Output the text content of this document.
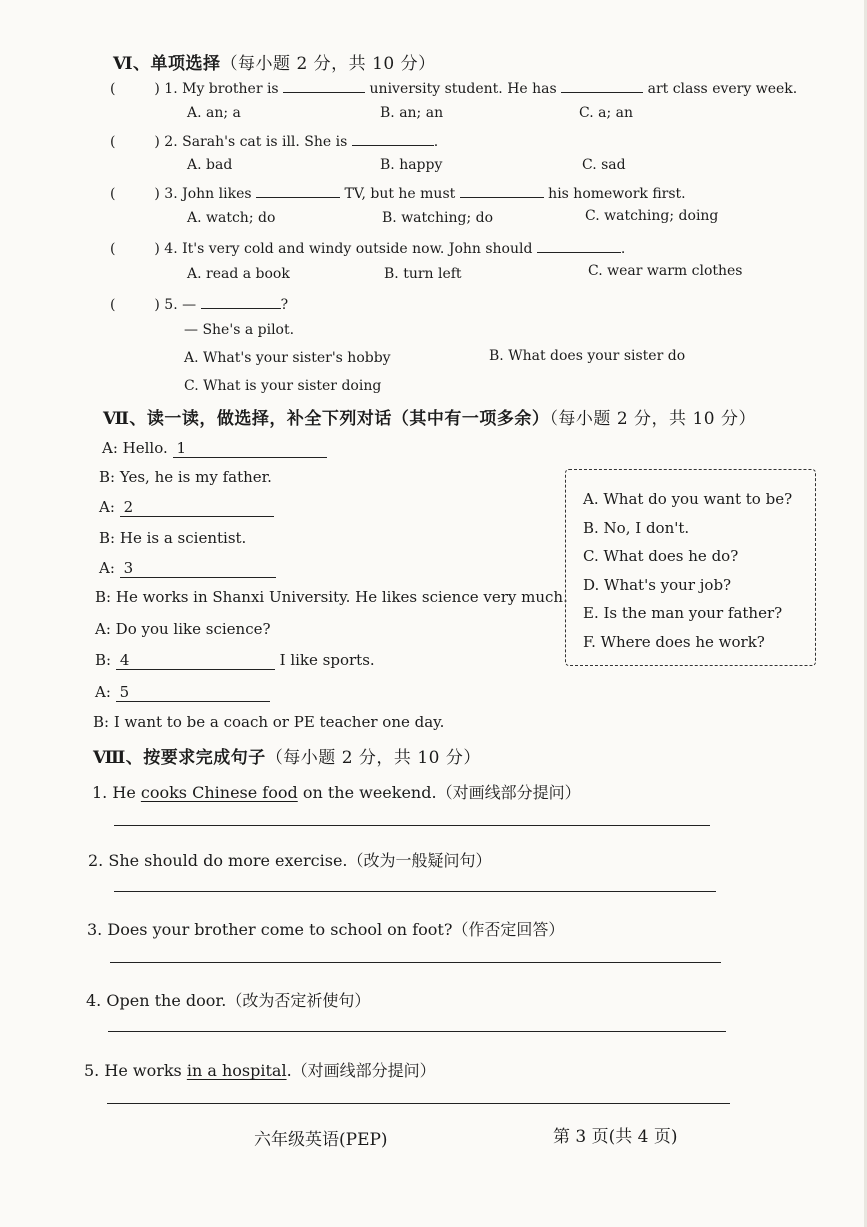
Ⅵ、单项选择（每小题 2 分，共 10 分）
(	) 1. My brother is	university student. He has	art class every week.
A. an; a	B. an; an	C. a; an
(	) 2. Sarah's cat is ill. She is	.
A. bad	B. happy	C. sad
(	) 3. John likes	TV, but he must	his homework first.
A. watch; do	B. watching; do	C. watching; doing
(	) 4. It's very cold and windy outside now. John should	.
A. read a book	B. turn left	C. wear warm clothes
(	) 5. —	?
— She's a pilot.
A. What's your sister's hobby	B. What does your sister do
C. What is your sister doing
Ⅶ、读一读，做选择，补全下列对话（其中有一项多余）（每小题 2 分，共 10 分）
A: Hello. 1
B: Yes, he is my father.
A: 2
B: He is a scientist.
A: 3
B: He works in Shanxi University. He likes science very much.
A: Do you like science?
B: 4	I like sports.
A: 5
B: I want to be a coach or PE teacher one day.
A. What do you want to be?
B. No, I don't.
C. What does he do?
D. What's your job?
E. Is the man your father?
F. Where does he work?
Ⅷ、按要求完成句子（每小题 2 分，共 10 分）
1. He cooks Chinese food on the weekend.（对画线部分提问）
2. She should do more exercise.（改为一般疑问句）
3. Does your brother come to school on foot?（作否定回答）
4. Open the door.（改为否定祈使句）
5. He works in a hospital.（对画线部分提问）
六年级英语(PEP)	第 3 页(共 4 页)
